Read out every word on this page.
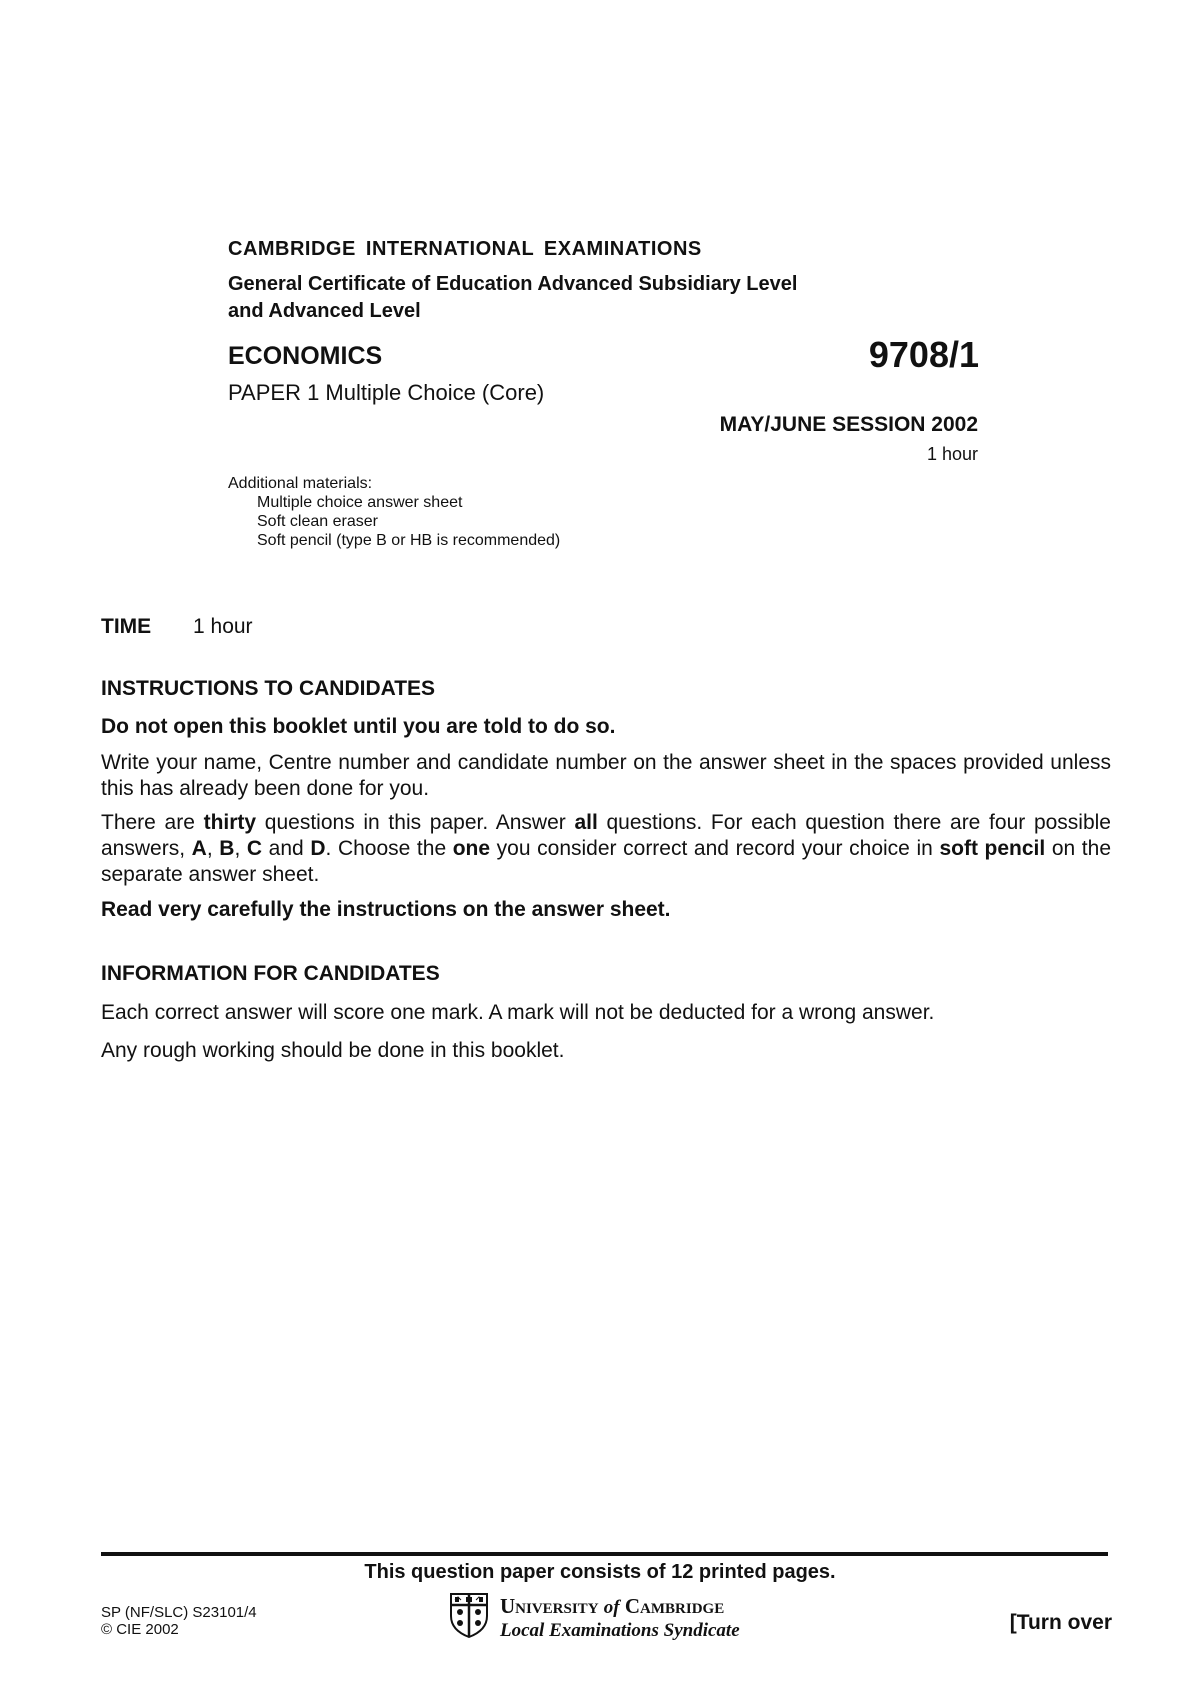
CAMBRIDGE INTERNATIONAL EXAMINATIONS
General Certificate of Education Advanced Subsidiary Level
and Advanced Level
ECONOMICS	9708/1
PAPER 1 Multiple Choice (Core)
MAY/JUNE SESSION 2002
1 hour
Additional materials:
Multiple choice answer sheet
Soft clean eraser
Soft pencil (type B or HB is recommended)
TIME 1 hour
INSTRUCTIONS TO CANDIDATES
Do not open this booklet until you are told to do so.
Write your name, Centre number and candidate number on the answer sheet in the spaces provided unless this has already been done for you.
There are thirty questions in this paper. Answer all questions. For each question there are four possible answers, A, B, C and D. Choose the one you consider correct and record your choice in soft pencil on the separate answer sheet.
Read very carefully the instructions on the answer sheet.
INFORMATION FOR CANDIDATES
Each correct answer will score one mark. A mark will not be deducted for a wrong answer.
Any rough working should be done in this booklet.
This question paper consists of 12 printed pages.
SP (NF/SLC) S23101/4
© CIE 2002
University of Cambridge
Local Examinations Syndicate	[Turn over
